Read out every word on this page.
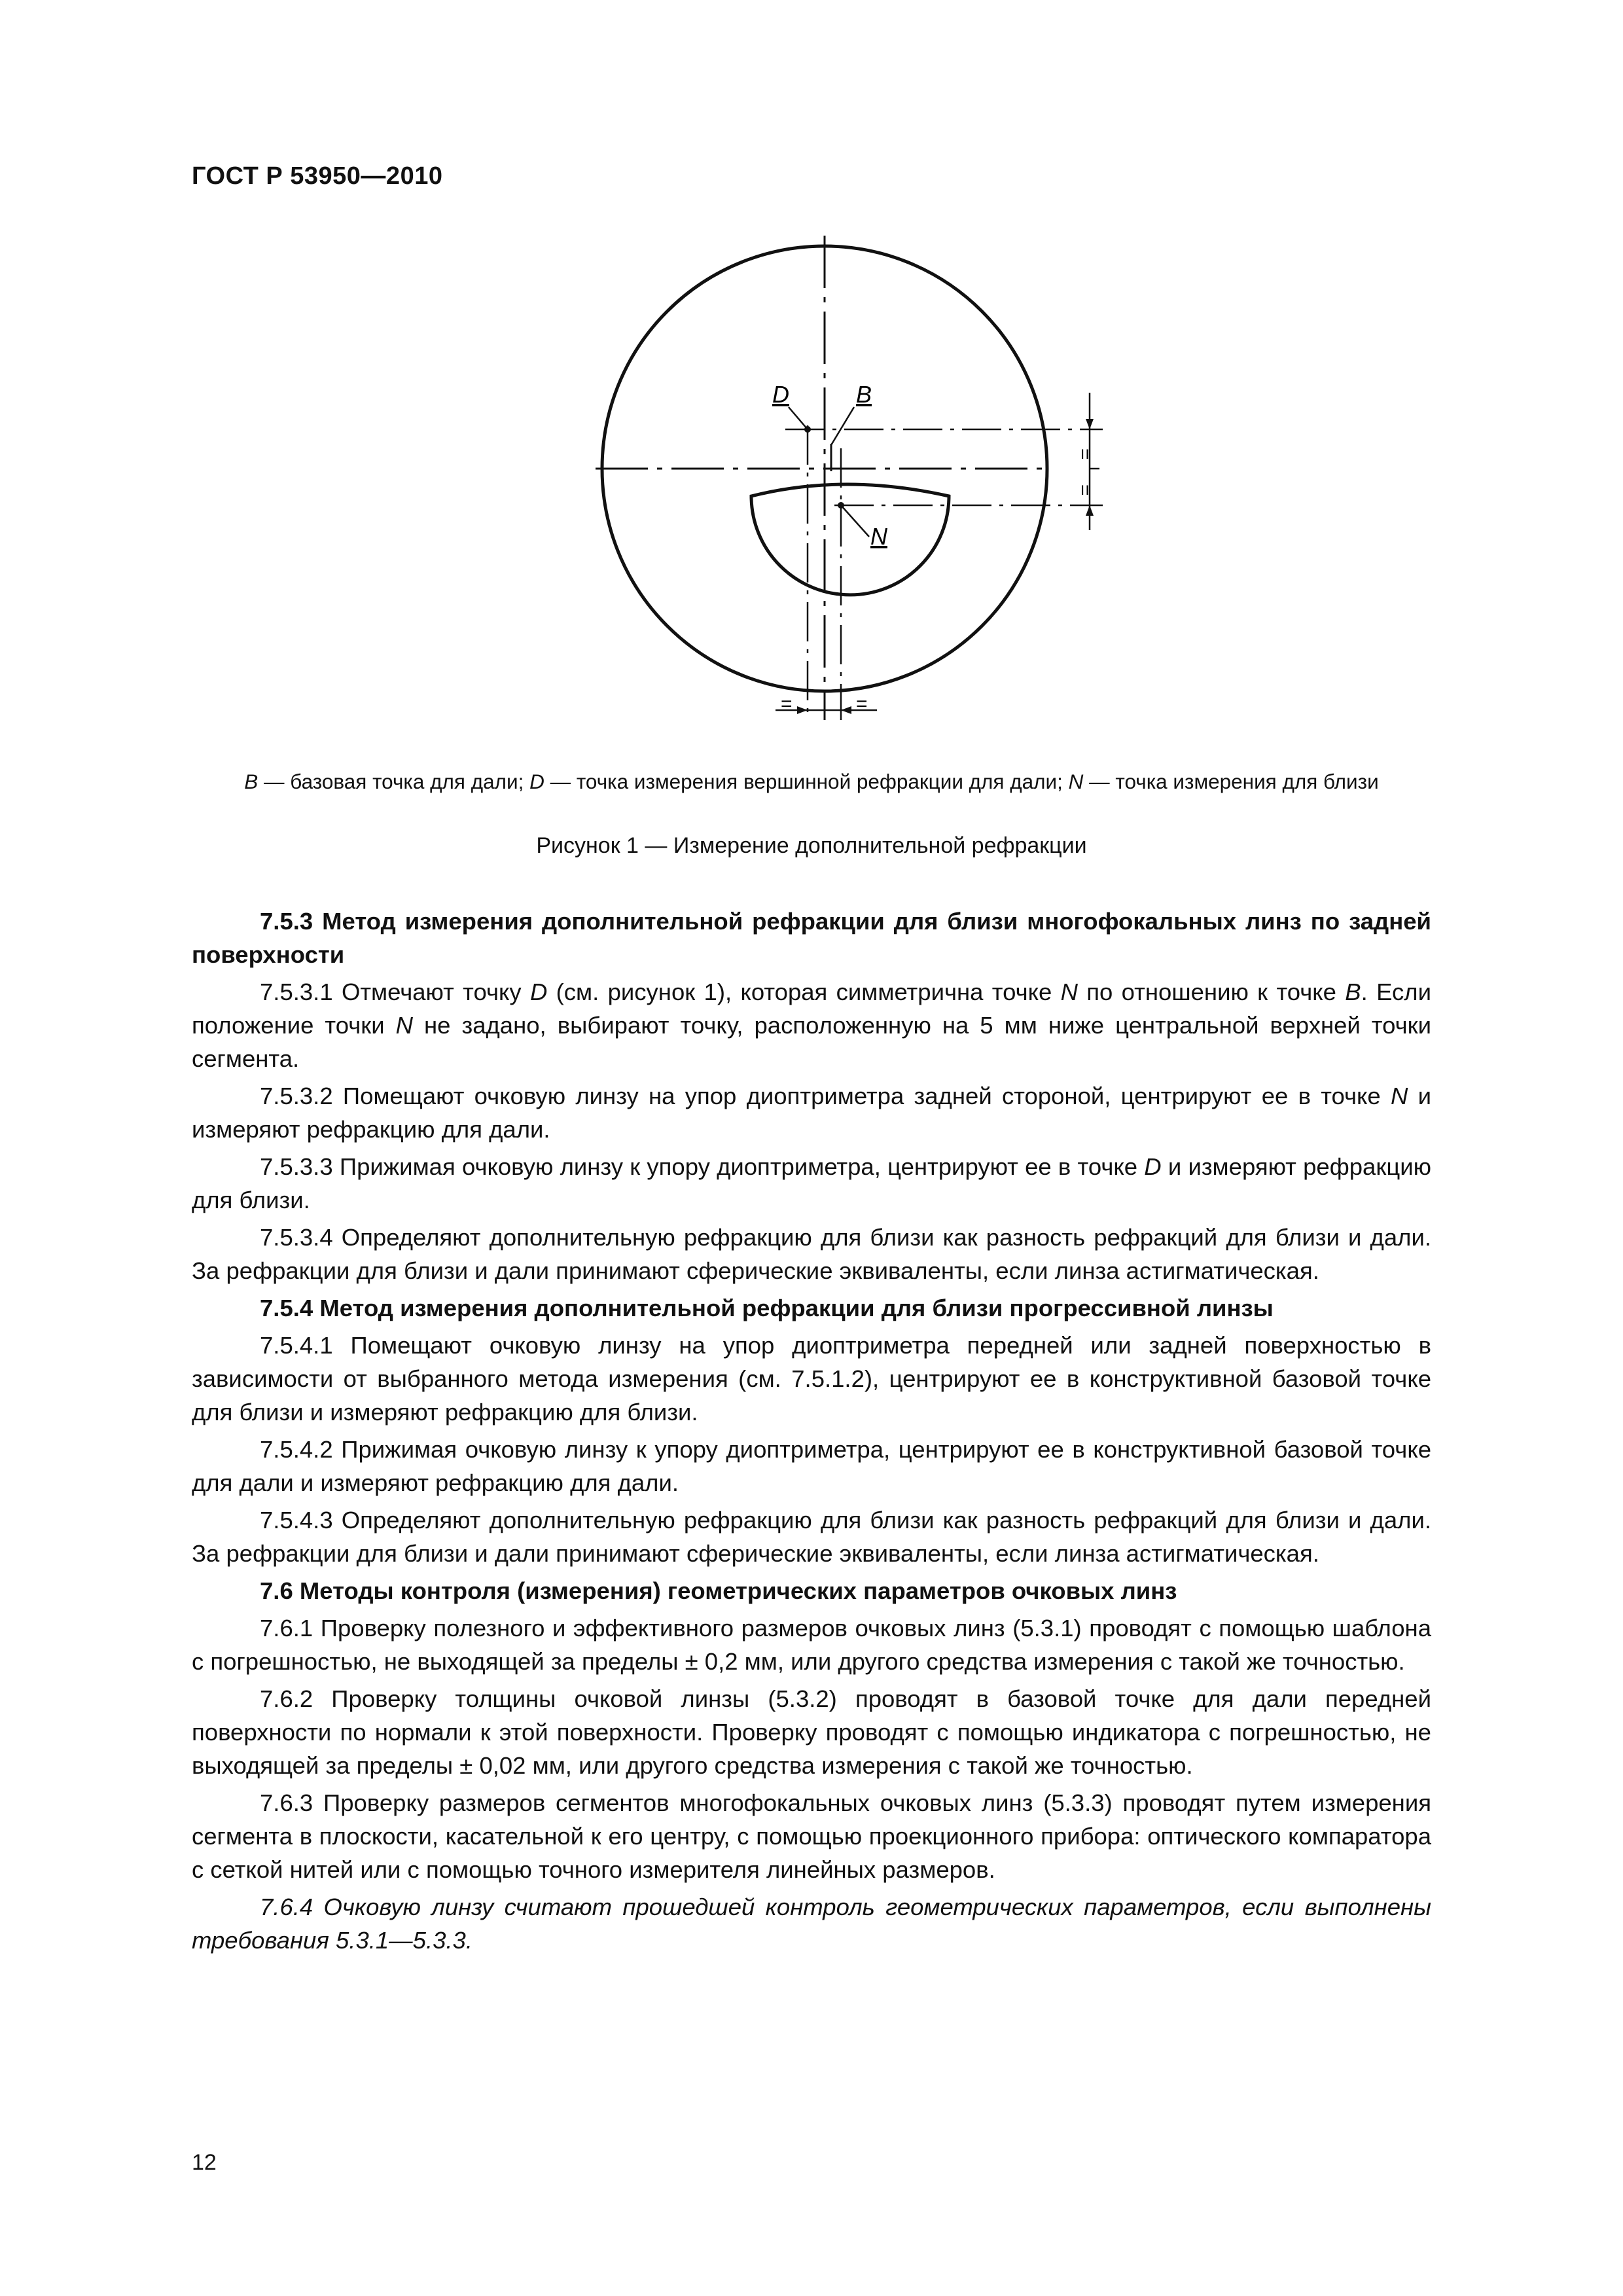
ГОСТ Р 53950—2010
D	B
N
=	=
=
=
B — базовая точка для дали; D — точка измерения вершинной рефракции для дали; N — точка измерения для близи
Рисунок 1 — Измерение дополнительной рефракции

7.5.3 Метод измерения дополнительной рефракции для близи многофокальных линз по задней поверхности

7.5.3.1 Отмечают точку D (см. рисунок 1), которая симметрична точке N по отношению к точке B. Если положение точки N не задано, выбирают точку, расположенную на 5 мм ниже центральной верхней точки сегмента.

7.5.3.2 Помещают очковую линзу на упор диоптриметра задней стороной, центрируют ее в точке N и измеряют рефракцию для дали.

7.5.3.3 Прижимая очковую линзу к упору диоптриметра, центрируют ее в точке D и измеряют рефракцию для близи.

7.5.3.4 Определяют дополнительную рефракцию для близи как разность рефракций для близи и дали. За рефракции для близи и дали принимают сферические эквиваленты, если линза астигматическая.

7.5.4 Метод измерения дополнительной рефракции для близи прогрессивной линзы

7.5.4.1 Помещают очковую линзу на упор диоптриметра передней или задней поверхностью в зависимости от выбранного метода измерения (см. 7.5.1.2), центрируют ее в конструктивной базовой точке для близи и измеряют рефракцию для близи.

7.5.4.2 Прижимая очковую линзу к упору диоптриметра, центрируют ее в конструктивной базовой точке для дали и измеряют рефракцию для дали.

7.5.4.3 Определяют дополнительную рефракцию для близи как разность рефракций для близи и дали. За рефракции для близи и дали принимают сферические эквиваленты, если линза астигматическая.

7.6 Методы контроля (измерения) геометрических параметров очковых линз

7.6.1 Проверку полезного и эффективного размеров очковых линз (5.3.1) проводят с помощью шаблона с погрешностью, не выходящей за пределы ± 0,2 мм, или другого средства измерения с такой же точностью.

7.6.2 Проверку толщины очковой линзы (5.3.2) проводят в базовой точке для дали передней поверхности по нормали к этой поверхности. Проверку проводят с помощью индикатора с погрешностью, не выходящей за пределы ± 0,02 мм, или другого средства измерения с такой же точностью.

7.6.3 Проверку размеров сегментов многофокальных очковых линз (5.3.3) проводят путем измерения сегмента в плоскости, касательной к его центру, с помощью проекционного прибора: оптического компаратора с сеткой нитей или с помощью точного измерителя линейных размеров.

7.6.4 Очковую линзу считают прошедшей контроль геометрических параметров, если выполнены требования 5.3.1—5.3.3.

12
